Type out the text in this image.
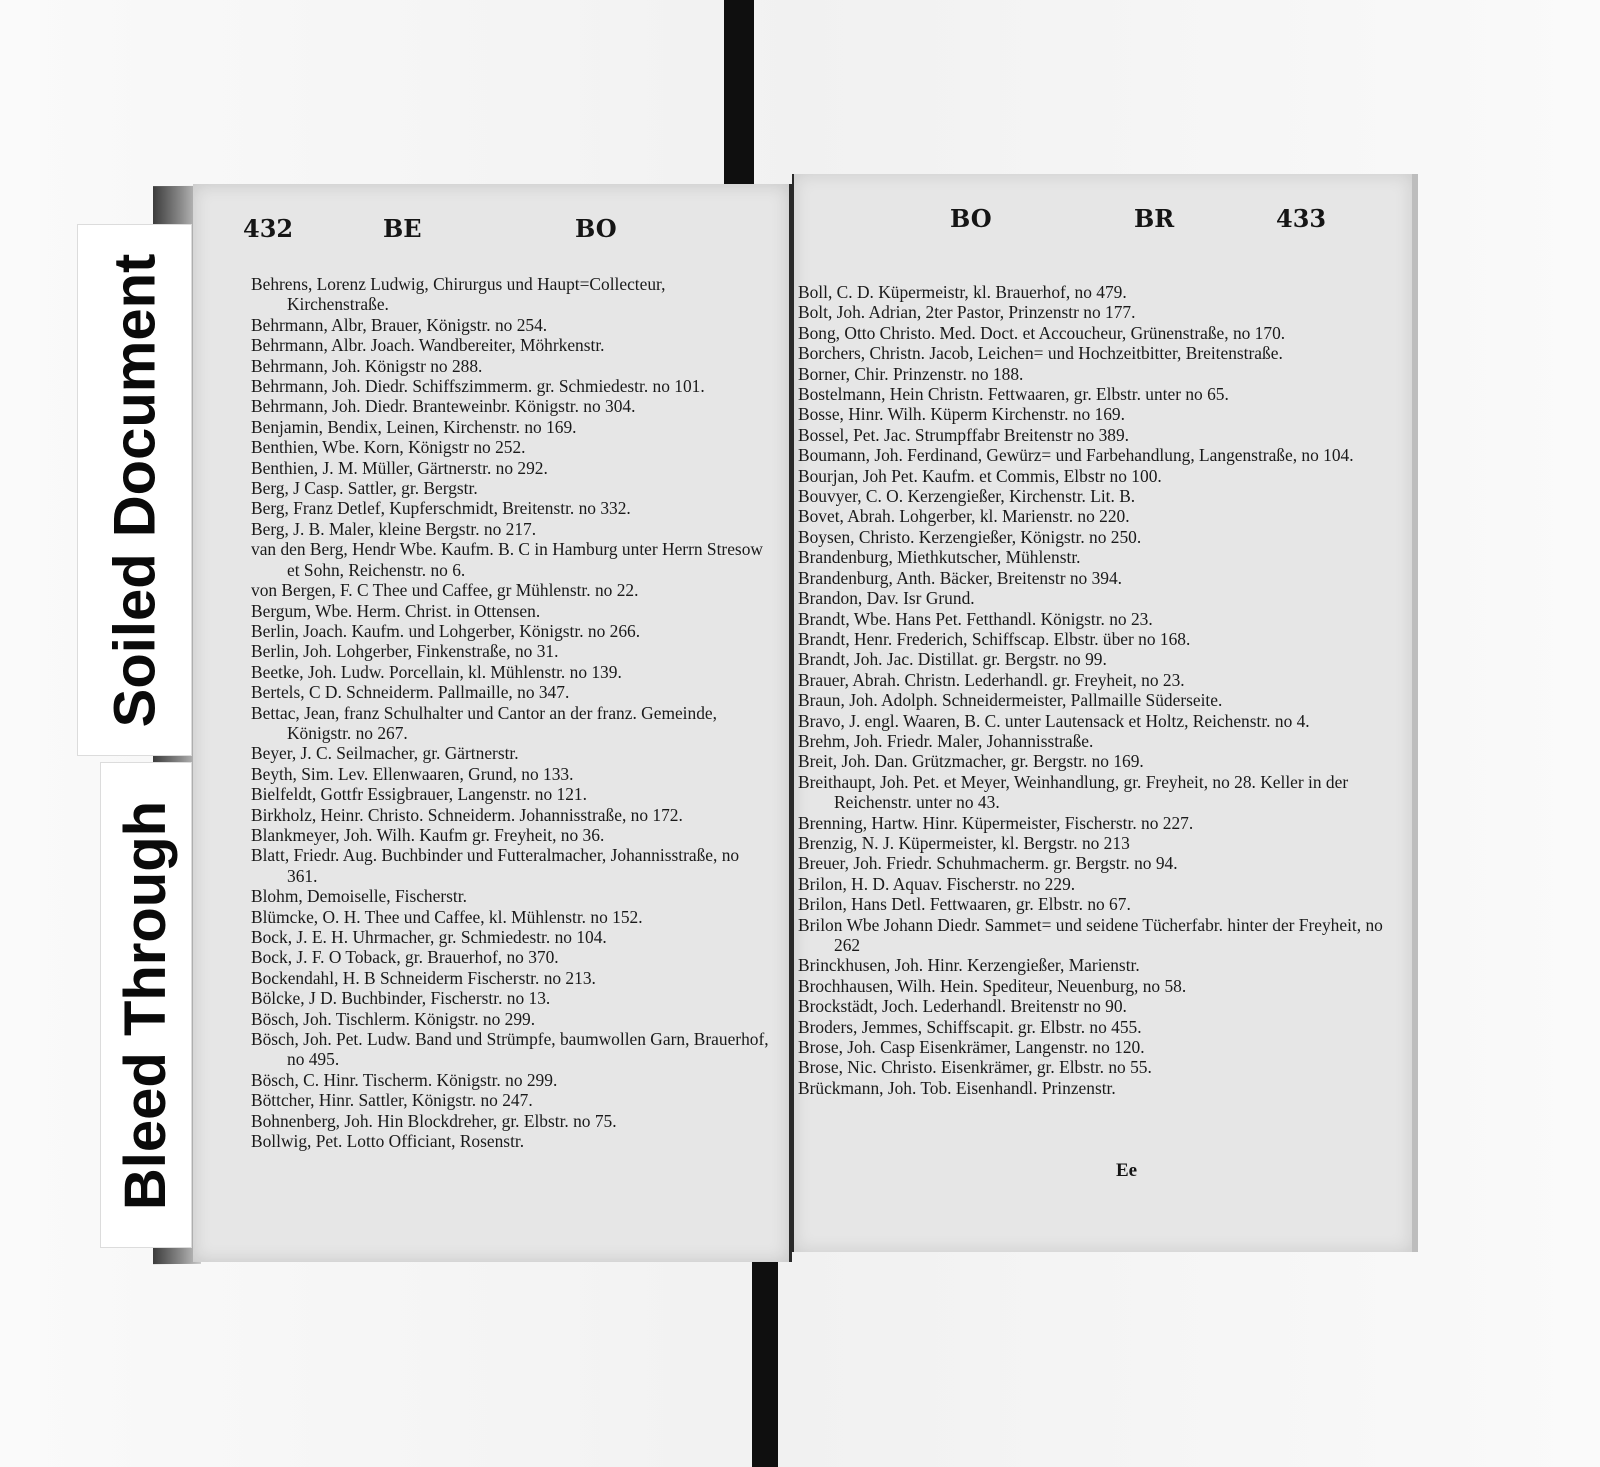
432	BE	BO

Behrens, Lorenz Ludwig, Chirurgus und Haupt=Collecteur, Kirchenstraße.

Behrmann, Albr, Brauer, Königstr. no 254.

Behrmann, Albr. Joach. Wandbereiter, Möhrkenstr.

Behrmann, Joh. Königstr no 288.

Behrmann, Joh. Diedr. Schiffszimmerm. gr. Schmiedestr. no 101.

Behrmann, Joh. Diedr. Branteweinbr. Königstr. no 304.

Benjamin, Bendix, Leinen, Kirchenstr. no 169.

Benthien, Wbe. Korn, Königstr no 252.

Benthien, J. M. Müller, Gärtnerstr. no 292.

Berg, J Casp. Sattler, gr. Bergstr.

Berg, Franz Detlef, Kupferschmidt, Breitenstr. no 332.

Berg, J. B. Maler, kleine Bergstr. no 217.

van den Berg, Hendr Wbe. Kaufm. B. C in Hamburg unter Herrn Stresow et Sohn, Reichenstr. no 6.

von Bergen, F. C Thee und Caffee, gr Mühlenstr. no 22.

Bergum, Wbe. Herm. Christ. in Ottensen.

Berlin, Joach. Kaufm. und Lohgerber, Königstr. no 266.

Berlin, Joh. Lohgerber, Finkenstraße, no 31.

Beetke, Joh. Ludw. Porcellain, kl. Mühlenstr. no 139.

Bertels, C D. Schneiderm. Pallmaille, no 347.

Bettac, Jean, franz Schulhalter und Cantor an der franz. Gemeinde, Königstr. no 267.

Beyer, J. C. Seilmacher, gr. Gärtnerstr.

Beyth, Sim. Lev. Ellenwaaren, Grund, no 133.

Bielfeldt, Gottfr Essigbrauer, Langenstr. no 121.

Birkholz, Heinr. Christo. Schneiderm. Johannisstraße, no 172.

Blankmeyer, Joh. Wilh. Kaufm gr. Freyheit, no 36.

Blatt, Friedr. Aug. Buchbinder und Futteralmacher, Johannisstraße, no 361.

Blohm, Demoiselle, Fischerstr.

Blümcke, O. H. Thee und Caffee, kl. Mühlenstr. no 152.

Bock, J. E. H. Uhrmacher, gr. Schmiedestr. no 104.

Bock, J. F. O Toback, gr. Brauerhof, no 370.

Bockendahl, H. B Schneiderm Fischerstr. no 213.

Bölcke, J D. Buchbinder, Fischerstr. no 13.

Bösch, Joh. Tischlerm. Königstr. no 299.

Bösch, Joh. Pet. Ludw. Band und Strümpfe, baumwollen Garn, Brauerhof, no 495.

Bösch, C. Hinr. Tischerm. Königstr. no 299.

Böttcher, Hinr. Sattler, Königstr. no 247.

Bohnenberg, Joh. Hin Blockdreher, gr. Elbstr. no 75.

Bollwig, Pet. Lotto Officiant, Rosenstr.

BO	BR	433

Boll, C. D. Küpermeistr, kl. Brauerhof, no 479.

Bolt, Joh. Adrian, 2ter Pastor, Prinzenstr no 177.

Bong, Otto Christo. Med. Doct. et Accoucheur, Grünenstraße, no 170.

Borchers, Christn. Jacob, Leichen= und Hochzeitbitter, Breitenstraße.

Borner, Chir. Prinzenstr. no 188.

Bostelmann, Hein Christn. Fettwaaren, gr. Elbstr. unter no 65.

Bosse, Hinr. Wilh. Küperm Kirchenstr. no 169.

Bossel, Pet. Jac. Strumpffabr Breitenstr no 389.

Boumann, Joh. Ferdinand, Gewürz= und Farbehandlung, Langenstraße, no 104.

Bourjan, Joh Pet. Kaufm. et Commis, Elbstr no 100.

Bouvyer, C. O. Kerzengießer, Kirchenstr. Lit. B.

Bovet, Abrah. Lohgerber, kl. Marienstr. no 220.

Boysen, Christo. Kerzengießer, Königstr. no 250.

Brandenburg, Miethkutscher, Mühlenstr.

Brandenburg, Anth. Bäcker, Breitenstr no 394.

Brandon, Dav. Isr Grund.

Brandt, Wbe. Hans Pet. Fetthandl. Königstr. no 23.

Brandt, Henr. Frederich, Schiffscap. Elbstr. über no 168.

Brandt, Joh. Jac. Distillat. gr. Bergstr. no 99.

Brauer, Abrah. Christn. Lederhandl. gr. Freyheit, no 23.

Braun, Joh. Adolph. Schneidermeister, Pallmaille Süderseite.

Bravo, J. engl. Waaren, B. C. unter Lautensack et Holtz, Reichenstr. no 4.

Brehm, Joh. Friedr. Maler, Johannisstraße.

Breit, Joh. Dan. Grützmacher, gr. Bergstr. no 169.

Breithaupt, Joh. Pet. et Meyer, Weinhandlung, gr. Freyheit, no 28. Keller in der Reichenstr. unter no 43.

Brenning, Hartw. Hinr. Küpermeister, Fischerstr. no 227.

Brenzig, N. J. Küpermeister, kl. Bergstr. no 213

Breuer, Joh. Friedr. Schuhmacherm. gr. Bergstr. no 94.

Brilon, H. D. Aquav. Fischerstr. no 229.

Brilon, Hans Detl. Fettwaaren, gr. Elbstr. no 67.

Brilon Wbe Johann Diedr. Sammet= und seidene Tücherfabr. hinter der Freyheit, no 262

Brinckhusen, Joh. Hinr. Kerzengießer, Marienstr.

Brochhausen, Wilh. Hein. Spediteur, Neuenburg, no 58.

Brockstädt, Joch. Lederhandl. Breitenstr no 90.

Broders, Jemmes, Schiffscapit. gr. Elbstr. no 455.

Brose, Joh. Casp Eisenkrämer, Langenstr. no 120.

Brose, Nic. Christo. Eisenkrämer, gr. Elbstr. no 55.

Brückmann, Joh. Tob. Eisenhandl. Prinzenstr.

Ee
Soiled Document
Bleed Through
